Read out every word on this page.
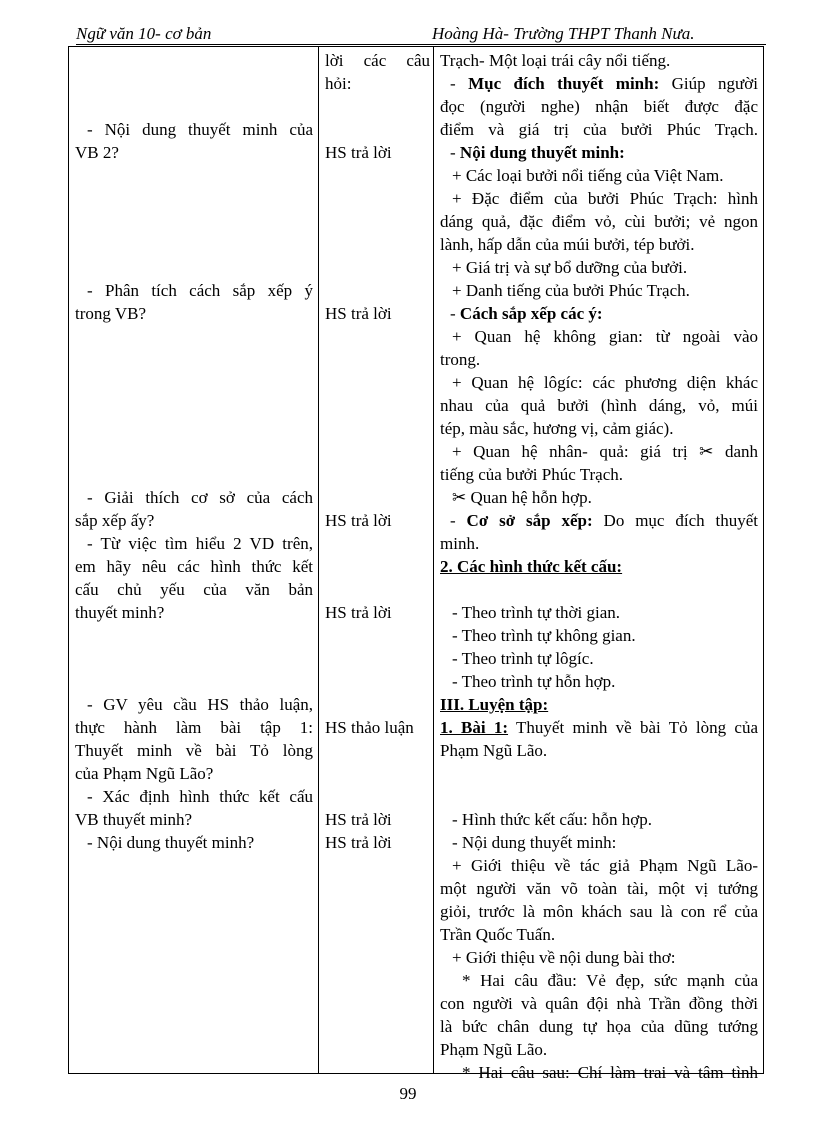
Ngữ văn 10- cơ bản	Hoàng Hà- Trường THPT Thanh Nưa.

- Nội dung thuyết minh của
VB 2?

- Phân tích cách sắp xếp ý
trong VB?

- Giải thích cơ sở của cách
sắp xếp ấy?
- Từ việc tìm hiểu 2 VD trên,
em hãy nêu các hình thức kết
cấu chủ yếu của văn bản
thuyết minh?

- GV yêu cầu HS thảo luận,
thực hành làm bài tập 1:
Thuyết minh về bài Tỏ lòng
của Phạm Ngũ Lão?
- Xác định hình thức kết cấu
VB thuyết minh?
- Nội dung thuyết minh?
lời các câu
hỏi:

HS trả lời

HS trả lời

HS trả lời

HS trả lời

HS thảo luận

HS trả lời
HS trả lời
Trạch- Một loại trái cây nổi tiếng.
- Mục đích thuyết minh: Giúp người
đọc (người nghe) nhận biết được đặc
điểm và giá trị của bưởi Phúc Trạch.
- Nội dung thuyết minh:
+ Các loại bưởi nổi tiếng của Việt Nam.
+ Đặc điểm của bưởi Phúc Trạch: hình
dáng quả, đặc điểm vỏ, cùi bưởi; vẻ ngon
lành, hấp dẫn của múi bưởi, tép bưởi.
+ Giá trị và sự bổ dưỡng của bưởi.
+ Danh tiếng của bưởi Phúc Trạch.
- Cách sắp xếp các ý:
+ Quan hệ không gian: từ ngoài vào
trong.
+ Quan hệ lôgíc: các phương diện khác
nhau của quả bưởi (hình dáng, vỏ, múi
tép, màu sắc, hương vị, cảm giác).
+ Quan hệ nhân- quả: giá trị ✂ danh
tiếng của bưởi Phúc Trạch.
✂ Quan hệ hỗn hợp.
- Cơ sở sắp xếp: Do mục đích thuyết
minh.
2. Các hình thức kết cấu:

- Theo trình tự thời gian.
- Theo trình tự không gian.
- Theo trình tự lôgíc.
- Theo trình tự hỗn hợp.
III. Luyện tập:
1. Bài 1: Thuyết minh về bài Tỏ lòng của
Phạm Ngũ Lão.

- Hình thức kết cấu: hỗn hợp.
- Nội dung thuyết minh:
+ Giới thiệu về tác giả Phạm Ngũ Lão-
một người văn võ toàn tài, một vị tướng
giỏi, trước là môn khách sau là con rể của
Trần Quốc Tuấn.
+ Giới thiệu về nội dung bài thơ:
* Hai câu đầu: Vẻ đẹp, sức mạnh của
con người và quân đội nhà Trần đồng thời
là bức chân dung tự họa của dũng tướng
Phạm Ngũ Lão.
* Hai câu sau: Chí làm trai và tâm tình
99
